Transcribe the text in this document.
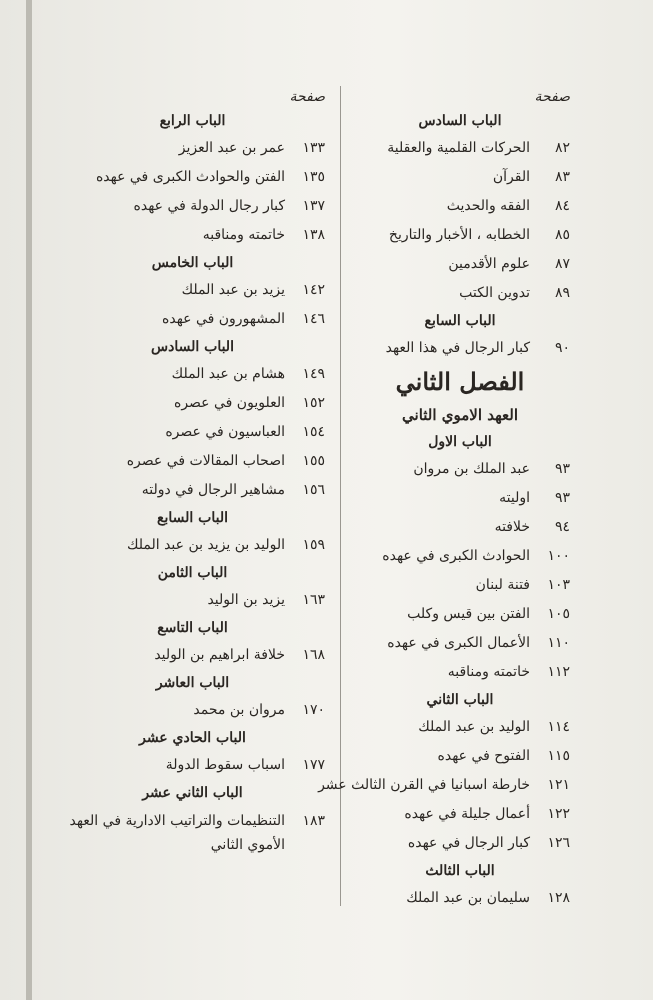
صفحة
الباب السادس
٨٢
الحركات القلمية والعقلية
٨٣
القرآن
٨٤
الفقه والحديث
٨٥
الخطابه ، الأخبار والتاريخ
٨٧
علوم الأقدمين
٨٩
تدوين الكتب
الباب السابع
٩٠
كبار الرجال في هذا العهد
الفصل الثاني
العهد الاموي الثاني
الباب الاول
٩٣
عبد الملك بن مروان
٩٣
اوليته
٩٤
خلافته
١٠٠
الحوادث الكبرى في عهده
١٠٣
فتنة لبنان
١٠٥
الفتن بين قيس وكلب
١١٠
الأعمال الكبرى في عهده
١١٢
خاتمته ومناقبه
الباب الثاني
١١٤
الوليد بن عبد الملك
١١٥
الفتوح في عهده
١٢١
خارطة اسبانيا في القرن الثالث عشر
١٢٢
أعمال جليلة في عهده
١٢٦
كبار الرجال في عهده
الباب الثالث
١٢٨
سليمان بن عبد الملك
صفحة
الباب الرابع
١٣٣
عمر بن عبد العزيز
١٣٥
الفتن والحوادث الكبرى في عهده
١٣٧
كبار رجال الدولة في عهده
١٣٨
خاتمته ومناقبه
الباب الخامس
١٤٢
يزيد بن عبد الملك
١٤٦
المشهورون في عهده
الباب السادس
١٤٩
هشام بن عبد الملك
١٥٢
العلويون في عصره
١٥٤
العباسيون في عصره
١٥٥
اصحاب المقالات في عصره
١٥٦
مشاهير الرجال في دولته
الباب السابع
١٥٩
الوليد بن يزيد بن عبد الملك
الباب الثامن
١٦٣
يزيد بن الوليد
الباب التاسع
١٦٨
خلافة ابراهيم بن الوليد
الباب العاشر
١٧٠
مروان بن محمد
الباب الحادي عشر
١٧٧
اسباب سقوط الدولة
الباب الثاني عشر
١٨٣
التنظيمات والتراتيب الادارية في العهد الأموي الثاني
